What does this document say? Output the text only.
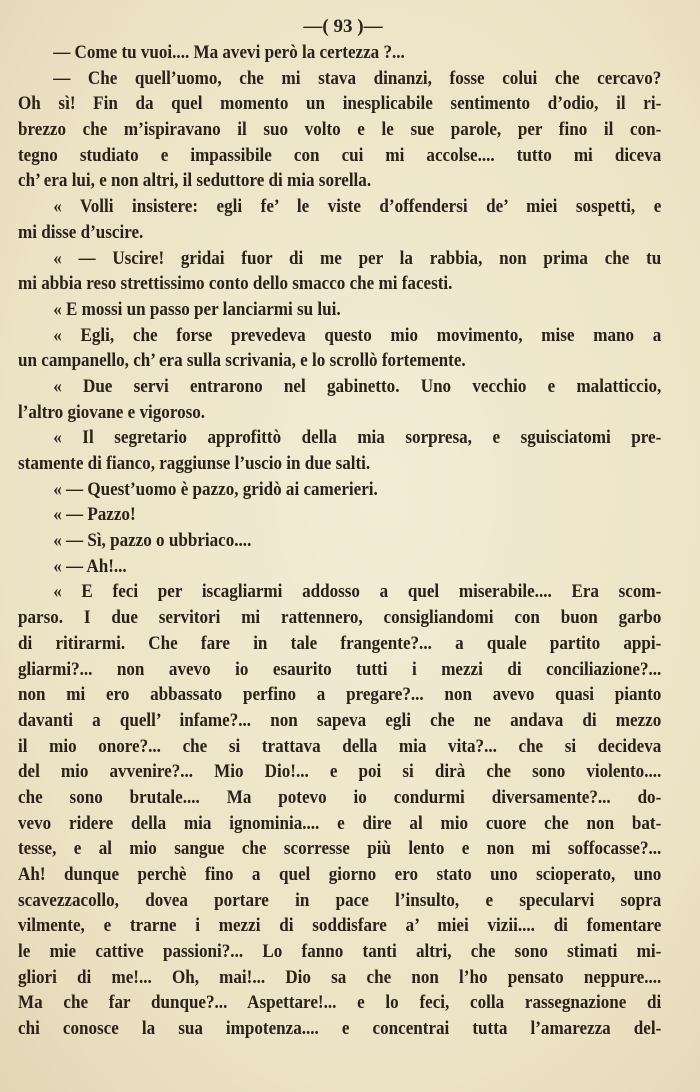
—( 93 )—
— Come tu vuoi.... Ma avevi però la certezza ?...
— Che quell’uomo, che mi stava dinanzi, fosse colui che cercavo?
Oh sì! Fin da quel momento un inesplicabile sentimento d’odio, il ri-
brezzo che m’ispiravano il suo volto e le sue parole, per fino il con-
tegno studiato e impassibile con cui mi accolse.... tutto mi diceva
ch’ era lui, e non altri, il seduttore di mia sorella.
« Volli insistere: egli fe’ le viste d’offendersi de’ miei sospetti, e
mi disse d’uscire.
« — Uscire! gridai fuor di me per la rabbia, non prima che tu
mi abbia reso strettissimo conto dello smacco che mi facesti.
« E mossi un passo per lanciarmi su lui.
« Egli, che forse prevedeva questo mio movimento, mise mano a
un campanello, ch’ era sulla scrivania, e lo scrollò fortemente.
« Due servi entrarono nel gabinetto. Uno vecchio e malatticcio,
l’altro giovane e vigoroso.
« Il segretario approfittò della mia sorpresa, e sguisciatomi pre-
stamente di fianco, raggiunse l’uscio in due salti.
« — Quest’uomo è pazzo, gridò ai camerieri.
« — Pazzo!
« — Sì, pazzo o ubbriaco....
« — Ah!...
« E feci per iscagliarmi addosso a quel miserabile.... Era scom-
parso. I due servitori mi rattennero, consigliandomi con buon garbo
di ritirarmi. Che fare in tale frangente?... a quale partito appi-
gliarmi?... non avevo io esaurito tutti i mezzi di conciliazione?...
non mi ero abbassato perfino a pregare?... non avevo quasi pianto
davanti a quell’ infame?... non sapeva egli che ne andava di mezzo
il mio onore?... che si trattava della mia vita?... che si decideva
del mio avvenire?... Mio Dio!... e poi si dirà che sono violento....
che sono brutale.... Ma potevo io condurmi diversamente?... do-
vevo ridere della mia ignominia.... e dire al mio cuore che non bat-
tesse, e al mio sangue che scorresse più lento e non mi soffocasse?...
Ah! dunque perchè fino a quel giorno ero stato uno scioperato, uno
scavezzacollo, dovea portare in pace l’insulto, e specularvi sopra
vilmente, e trarne i mezzi di soddisfare a’ miei vizii.... di fomentare
le mie cattive passioni?... Lo fanno tanti altri, che sono stimati mi-
gliori di me!... Oh, mai!... Dio sa che non l’ho pensato neppure....
Ma che far dunque?... Aspettare!... e lo feci, colla rassegnazione di
chi conosce la sua impotenza.... e concentrai tutta l’amarezza del-
